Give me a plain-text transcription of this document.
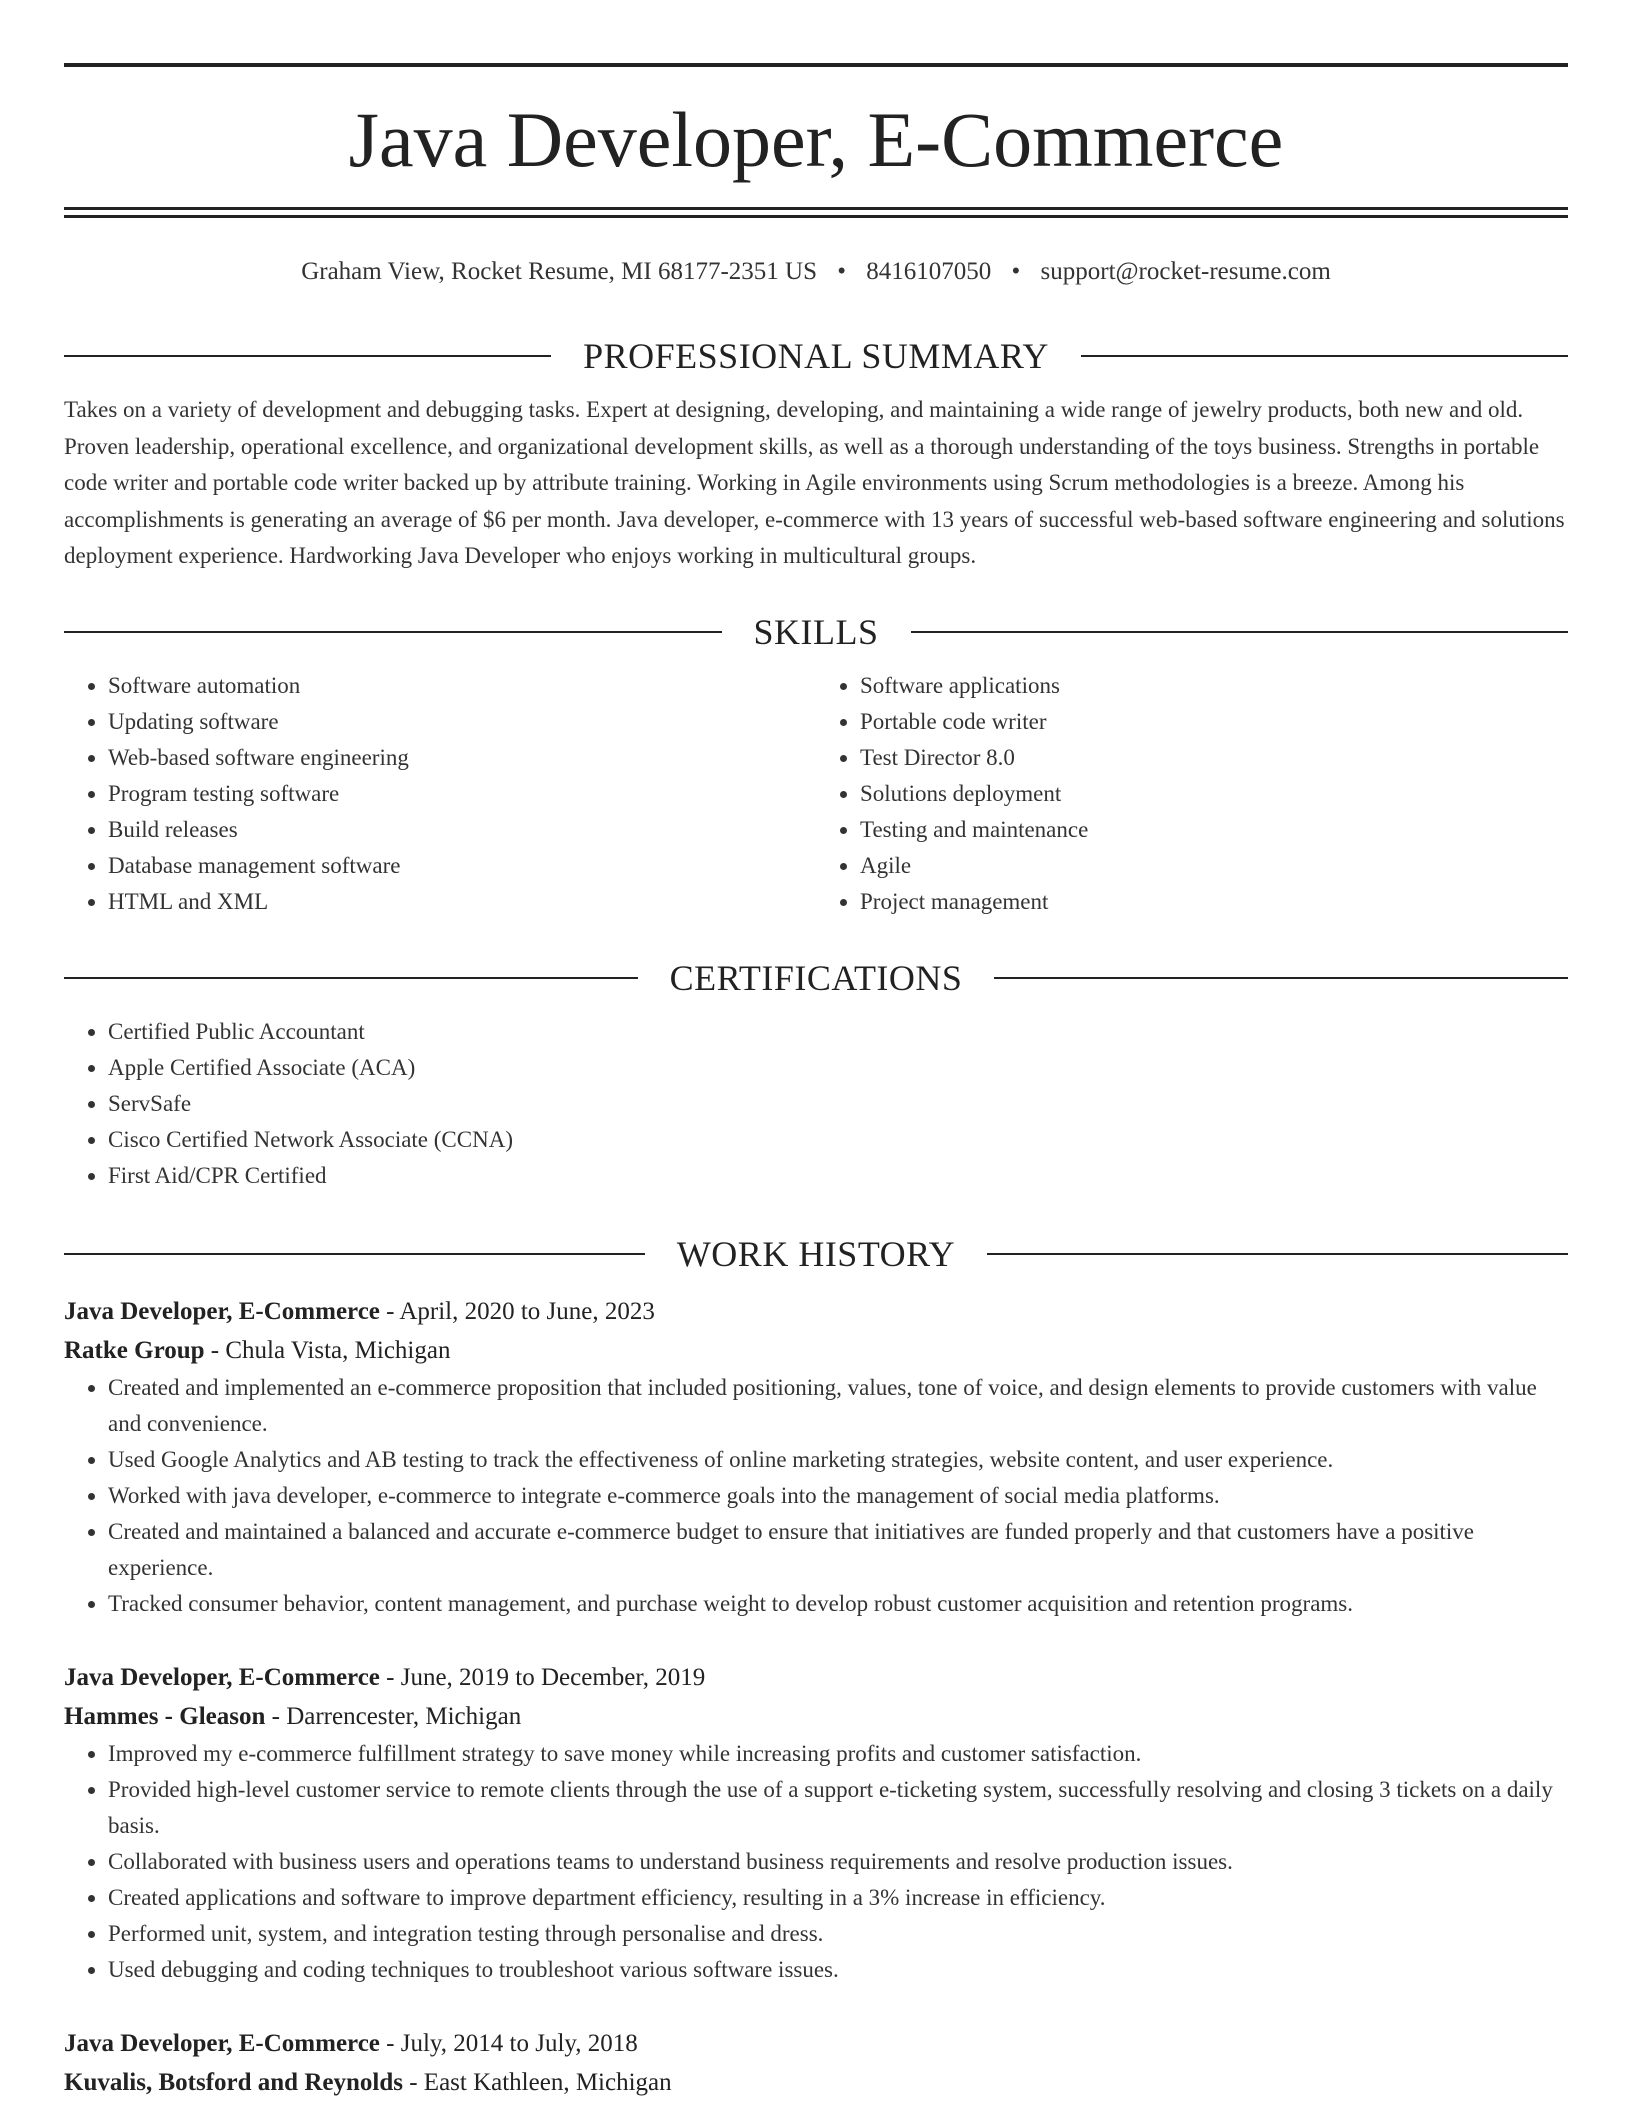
Java Developer, E-Commerce
Graham View, Rocket Resume, MI 68177-2351 US • 8416107050 • support@rocket-resume.com
PROFESSIONAL SUMMARY
Takes on a variety of development and debugging tasks. Expert at designing, developing, and maintaining a wide range of jewelry products, both new and old. Proven leadership, operational excellence, and organizational development skills, as well as a thorough understanding of the toys business. Strengths in portable code writer and portable code writer backed up by attribute training. Working in Agile environments using Scrum methodologies is a breeze. Among his accomplishments is generating an average of $6 per month. Java developer, e-commerce with 13 years of successful web-based software engineering and solutions deployment experience. Hardworking Java Developer who enjoys working in multicultural groups.
SKILLS
• Software automation
• Updating software
• Web-based software engineering
• Program testing software
• Build releases
• Database management software
• HTML and XML
• Software applications
• Portable code writer
• Test Director 8.0
• Solutions deployment
• Testing and maintenance
• Agile
• Project management
CERTIFICATIONS
• Certified Public Accountant
• Apple Certified Associate (ACA)
• ServSafe
• Cisco Certified Network Associate (CCNA)
• First Aid/CPR Certified
WORK HISTORY
Java Developer, E-Commerce - April, 2020 to June, 2023
Ratke Group - Chula Vista, Michigan
• Created and implemented an e-commerce proposition that included positioning, values, tone of voice, and design elements to provide customers with value and convenience.
• Used Google Analytics and AB testing to track the effectiveness of online marketing strategies, website content, and user experience.
• Worked with java developer, e-commerce to integrate e-commerce goals into the management of social media platforms.
• Created and maintained a balanced and accurate e-commerce budget to ensure that initiatives are funded properly and that customers have a positive experience.
• Tracked consumer behavior, content management, and purchase weight to develop robust customer acquisition and retention programs.
Java Developer, E-Commerce - June, 2019 to December, 2019
Hammes - Gleason - Darrencester, Michigan
• Improved my e-commerce fulfillment strategy to save money while increasing profits and customer satisfaction.
• Provided high-level customer service to remote clients through the use of a support e-ticketing system, successfully resolving and closing 3 tickets on a daily basis.
• Collaborated with business users and operations teams to understand business requirements and resolve production issues.
• Created applications and software to improve department efficiency, resulting in a 3% increase in efficiency.
• Performed unit, system, and integration testing through personalise and dress.
• Used debugging and coding techniques to troubleshoot various software issues.
Java Developer, E-Commerce - July, 2014 to July, 2018
Kuvalis, Botsford and Reynolds - East Kathleen, Michigan
